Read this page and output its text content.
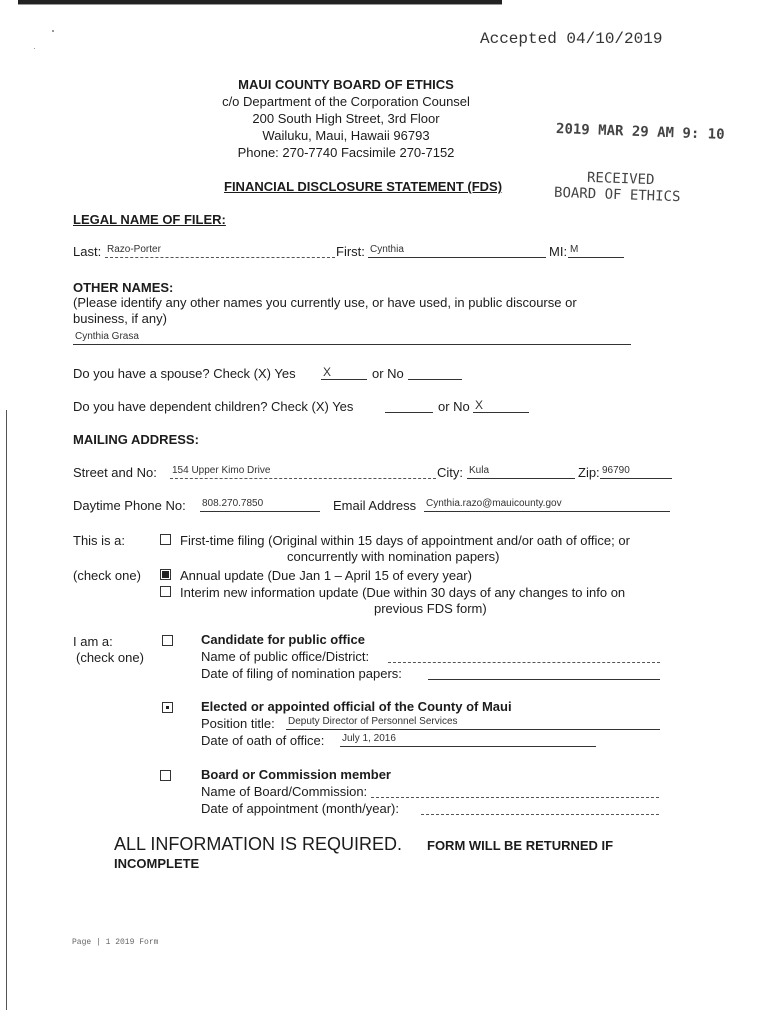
Accepted 04/10/2019
MAUI COUNTY BOARD OF ETHICS
c/o Department of the Corporation Counsel
200 South High Street, 3rd Floor
Wailuku, Maui, Hawaii 96793
Phone: 270-7740 Facsimile 270-7152
2019 MAR 29 AM 9: 10
RECEIVED
BOARD OF ETHICS
FINANCIAL DISCLOSURE STATEMENT (FDS)
LEGAL NAME OF FILER:
Last: Razo-Porter	First: Cynthia	MI: M
OTHER NAMES:
(Please identify any other names you currently use, or have used, in public discourse or
business, if any)
Cynthia Grasa
Do you have a spouse? Check (X) Yes X	or No
Do you have dependent children? Check (X) Yes	or No X
MAILING ADDRESS:
Street and No: 154 Upper Kimo Drive	City: Kula	Zip: 96790
Daytime Phone No: 808.270.7850	Email Address Cynthia.razo@mauicounty.gov
This is a:
(check one)
First-time filing (Original within 15 days of appointment and/or oath of office; or
concurrently with nomination papers)
Annual update (Due Jan 1 – April 15 of every year)
Interim new information update (Due within 30 days of any changes to info on
previous FDS form)
I am a:
(check one)
Candidate for public office
Name of public office/District:
Date of filing of nomination papers:
Elected or appointed official of the County of Maui
Position title: Deputy Director of Personnel Services
Date of oath of office: July 1, 2016
Board or Commission member
Name of Board/Commission:
Date of appointment (month/year):
ALL INFORMATION IS REQUIRED. FORM WILL BE RETURNED IF
INCOMPLETE
Page | 1 2019 Form
